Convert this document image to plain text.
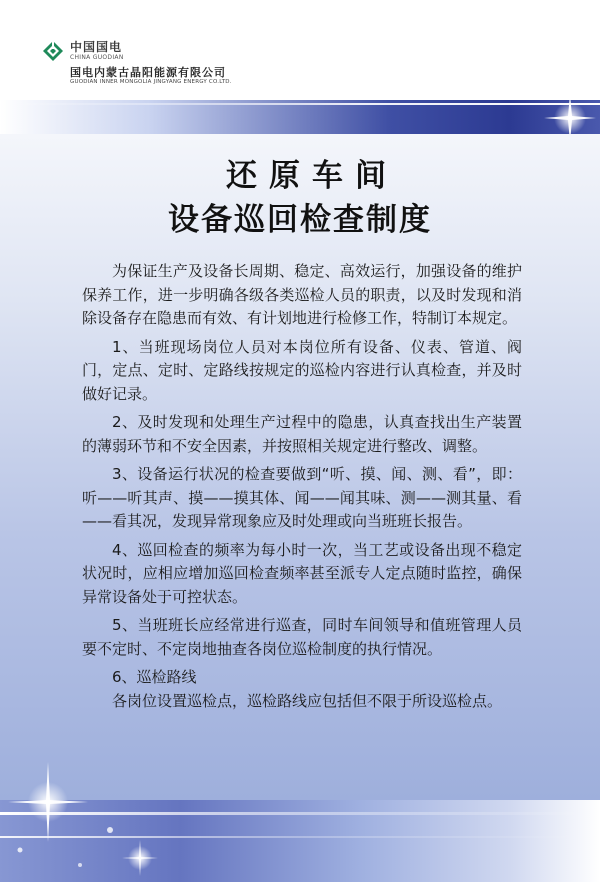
中国国电
CHINA GUODIAN
国电内蒙古晶阳能源有限公司
GUODIAN INNER MONGOLIA JINGYANG ENERGY CO.LTD.
还原车间
设备巡回检查制度

为保证生产及设备长周期、稳定、高效运行，加强设备的维护保养工作，进一步明确各级各类巡检人员的职责，以及时发现和消除设备存在隐患而有效、有计划地进行检修工作，特制订本规定。

1、当班现场岗位人员对本岗位所有设备、仪表、管道、阀门，定点、定时、定路线按规定的巡检内容进行认真检查，并及时做好记录。

2、及时发现和处理生产过程中的隐患，认真查找出生产装置的薄弱环节和不安全因素，并按照相关规定进行整改、调整。

3、设备运行状况的检查要做到“听、摸、闻、测、看”，即：听——听其声、摸——摸其体、闻——闻其味、测——测其量、看——看其况，发现异常现象应及时处理或向当班班长报告。

4、巡回检查的频率为每小时一次，当工艺或设备出现不稳定状况时，应相应增加巡回检查频率甚至派专人定点随时监控，确保异常设备处于可控状态。

5、当班班长应经常进行巡查，同时车间领导和值班管理人员要不定时、不定岗地抽查各岗位巡检制度的执行情况。

6、巡检路线

各岗位设置巡检点，巡检路线应包括但不限于所设巡检点。
